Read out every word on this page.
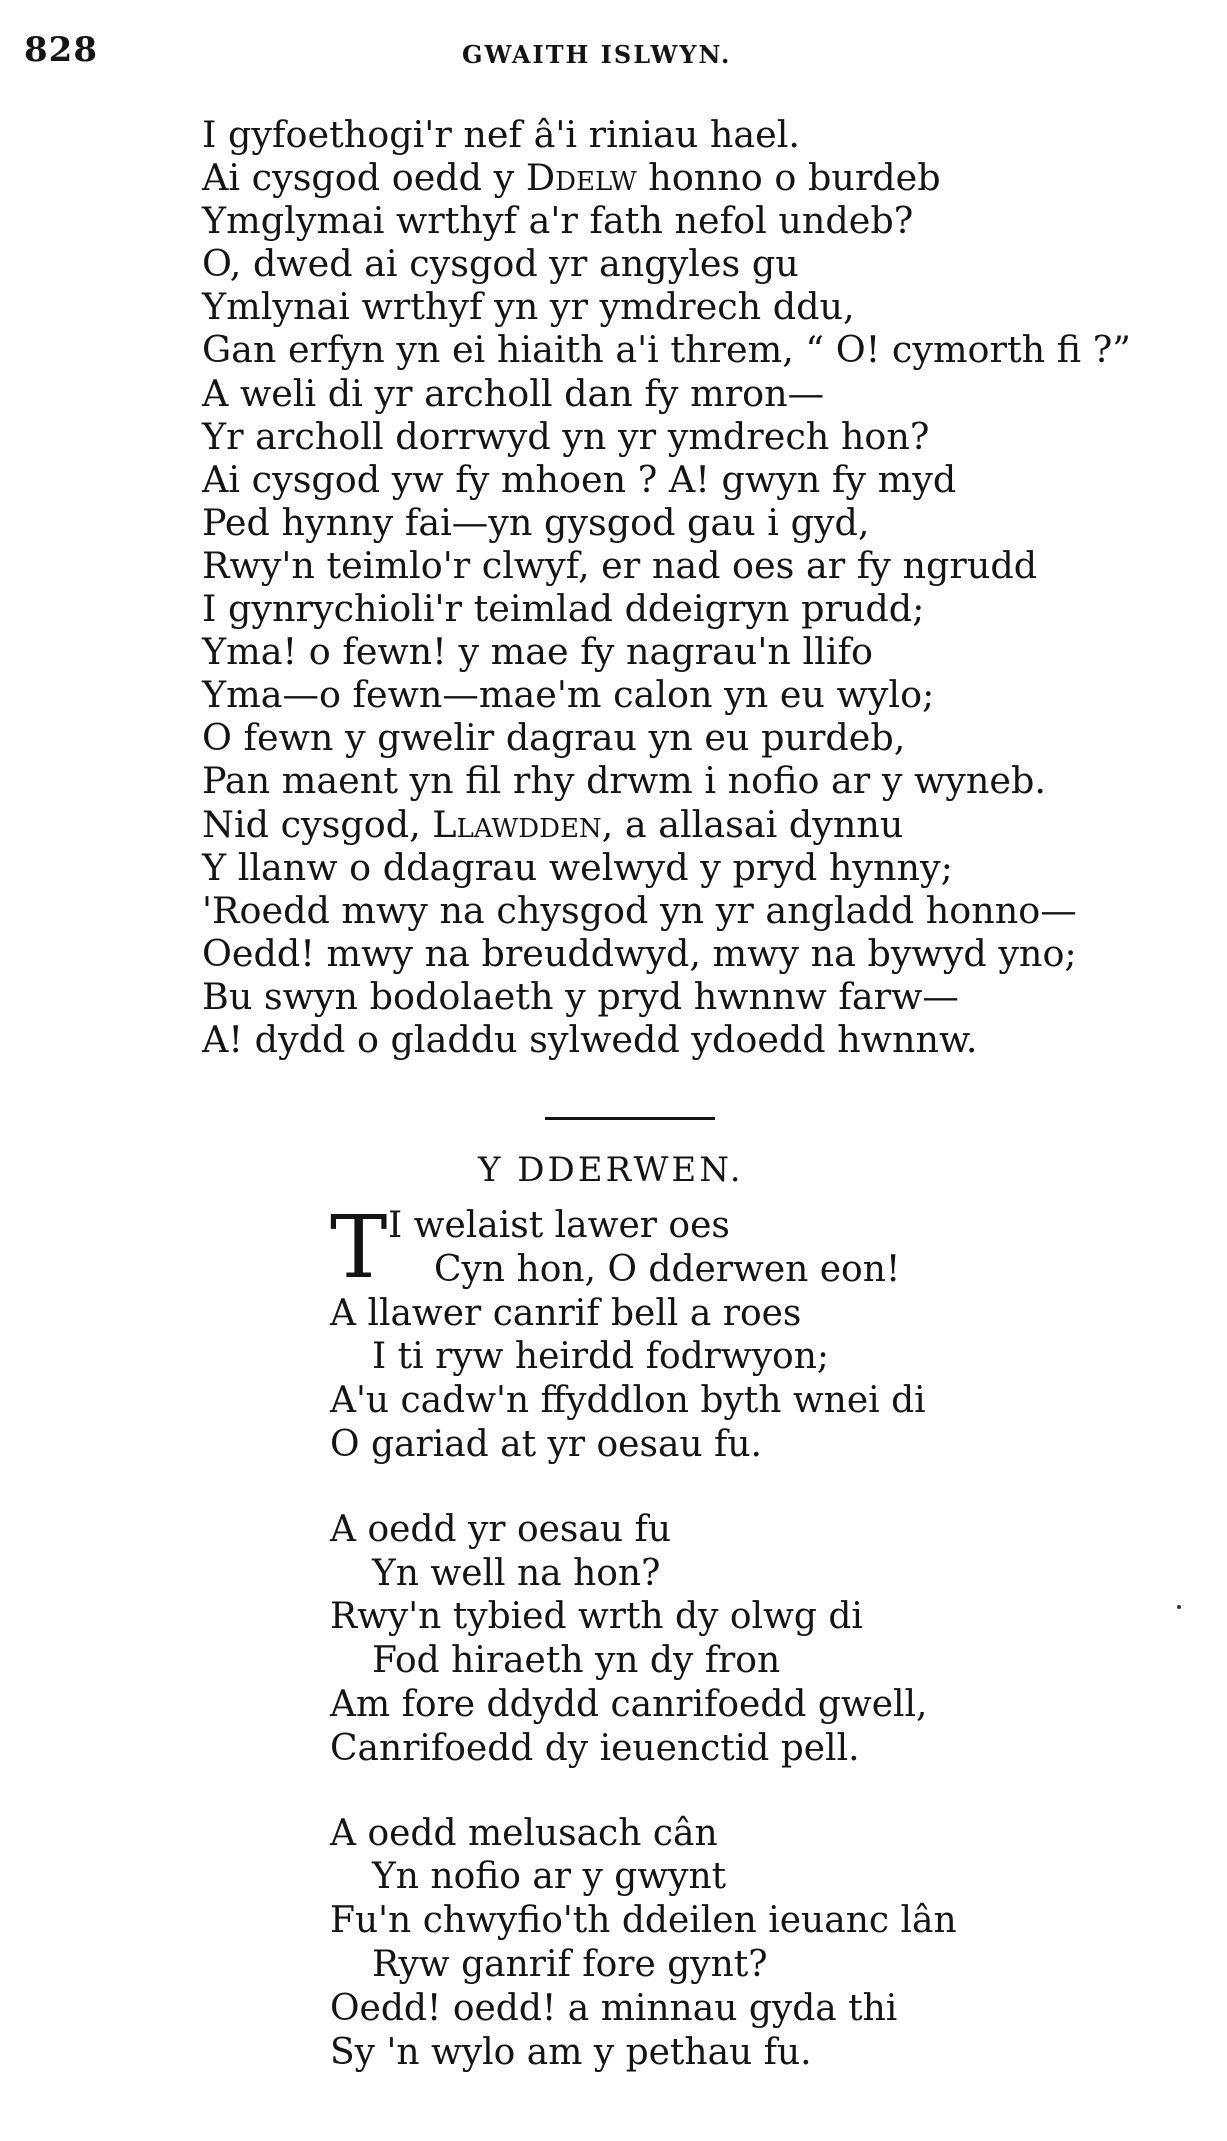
828	GWAITH ISLWYN.
I gyfoethogi'r nef â'i riniau hael.
Ai cysgod oedd y Ddelw honno o burdeb
Ymglymai wrthyf a'r fath nefol undeb?
O, dwed ai cysgod yr angyles gu
Ymlynai wrthyf yn yr ymdrech ddu,
Gan erfyn yn ei hiaith a'i threm, “ O! cymorth fi ?”
A weli di yr archoll dan fy mron—
Yr archoll dorrwyd yn yr ymdrech hon?
Ai cysgod yw fy mhoen ? A! gwyn fy myd
Ped hynny fai—yn gysgod gau i gyd,
Rwy'n teimlo'r clwyf, er nad oes ar fy ngrudd
I gynrychioli'r teimlad ddeigryn prudd;
Yma! o fewn! y mae fy nagrau'n llifo
Yma—o fewn—mae'm calon yn eu wylo;
O fewn y gwelir dagrau yn eu purdeb,
Pan maent yn fil rhy drwm i nofio ar y wyneb.
Nid cysgod, Llawdden, a allasai dynnu
Y llanw o ddagrau welwyd y pryd hynny;
'Roedd mwy na chysgod yn yr angladd honno—
Oedd! mwy na breuddwyd, mwy na bywyd yno;
Bu swyn bodolaeth y pryd hwnnw farw—
A! dydd o gladdu sylwedd ydoedd hwnnw.
Y DDERWEN.
T I welaist lawer oes
Cyn hon, O dderwen eon!
A llawer canrif bell a roes
I ti ryw heirdd fodrwyon;
A'u cadw'n ffyddlon byth wnei di
O gariad at yr oesau fu.
A oedd yr oesau fu
Yn well na hon?
Rwy'n tybied wrth dy olwg di
Fod hiraeth yn dy fron
Am fore ddydd canrifoedd gwell,
Canrifoedd dy ieuenctid pell.
A oedd melusach cân
Yn nofio ar y gwynt
Fu'n chwyfio'th ddeilen ieuanc lân
Ryw ganrif fore gynt?
Oedd! oedd! a minnau gyda thi
Sy 'n wylo am y pethau fu.
